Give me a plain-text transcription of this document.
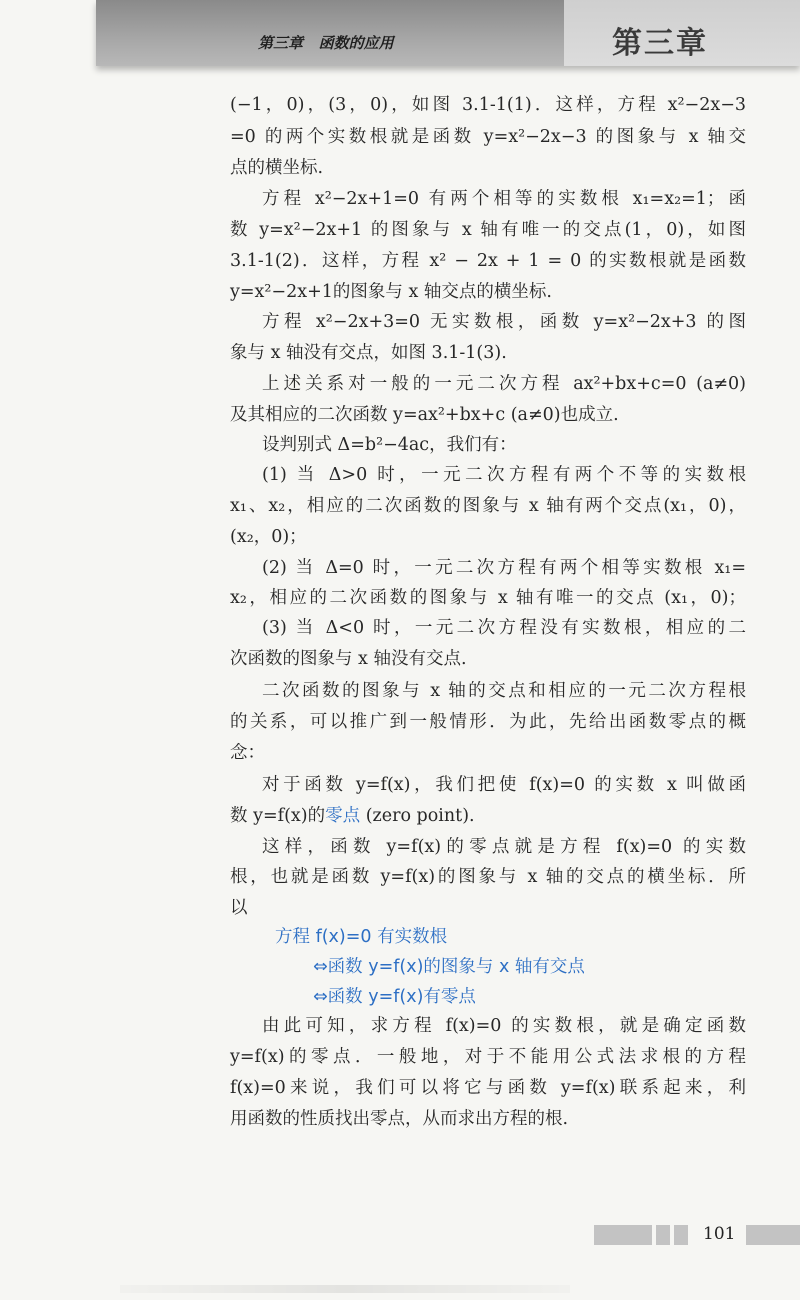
第三章   函数的应用	第三章
(−1，0)，(3，0)，如图 3.1-1(1)．这样，方程 x²−2x−3
=0 的两个实数根就是函数 y=x²−2x−3 的图象与 x 轴交
点的横坐标.
方程 x²−2x+1=0 有两个相等的实数根 x₁=x₂=1；函
数 y=x²−2x+1 的图象与 x 轴有唯一的交点(1，0)，如图
3.1-1(2)．这样，方程 x² − 2x + 1 = 0 的实数根就是函数
y=x²−2x+1的图象与 x 轴交点的横坐标.
方程 x²−2x+3=0 无实数根，函数 y=x²−2x+3 的图
象与 x 轴没有交点，如图 3.1-1(3).
上述关系对一般的一元二次方程 ax²+bx+c=0 (a≠0)
及其相应的二次函数 y=ax²+bx+c (a≠0)也成立.
设判别式 Δ=b²−4ac，我们有：
(1) 当 Δ>0 时，一元二次方程有两个不等的实数根
x₁、x₂，相应的二次函数的图象与 x 轴有两个交点(x₁，0)，
(x₂，0)；
(2) 当 Δ=0 时，一元二次方程有两个相等实数根 x₁=
x₂，相应的二次函数的图象与 x 轴有唯一的交点 (x₁，0)；
(3) 当 Δ<0 时，一元二次方程没有实数根，相应的二
次函数的图象与 x 轴没有交点.
二次函数的图象与 x 轴的交点和相应的一元二次方程根
的关系，可以推广到一般情形．为此，先给出函数零点的概
念：
对于函数 y=f(x)，我们把使 f(x)=0 的实数 x 叫做函
数 y=f(x)的零点 (zero point).
这样，函数 y=f(x)的零点就是方程 f(x)=0 的实数
根，也就是函数 y=f(x)的图象与 x 轴的交点的横坐标．所
以
方程 f(x)=0 有实数根
⇔函数 y=f(x)的图象与 x 轴有交点
⇔函数 y=f(x)有零点
由此可知，求方程 f(x)=0 的实数根，就是确定函数
y=f(x)的零点．一般地，对于不能用公式法求根的方程
f(x)=0来说，我们可以将它与函数 y=f(x)联系起来，利
用函数的性质找出零点，从而求出方程的根.
101
